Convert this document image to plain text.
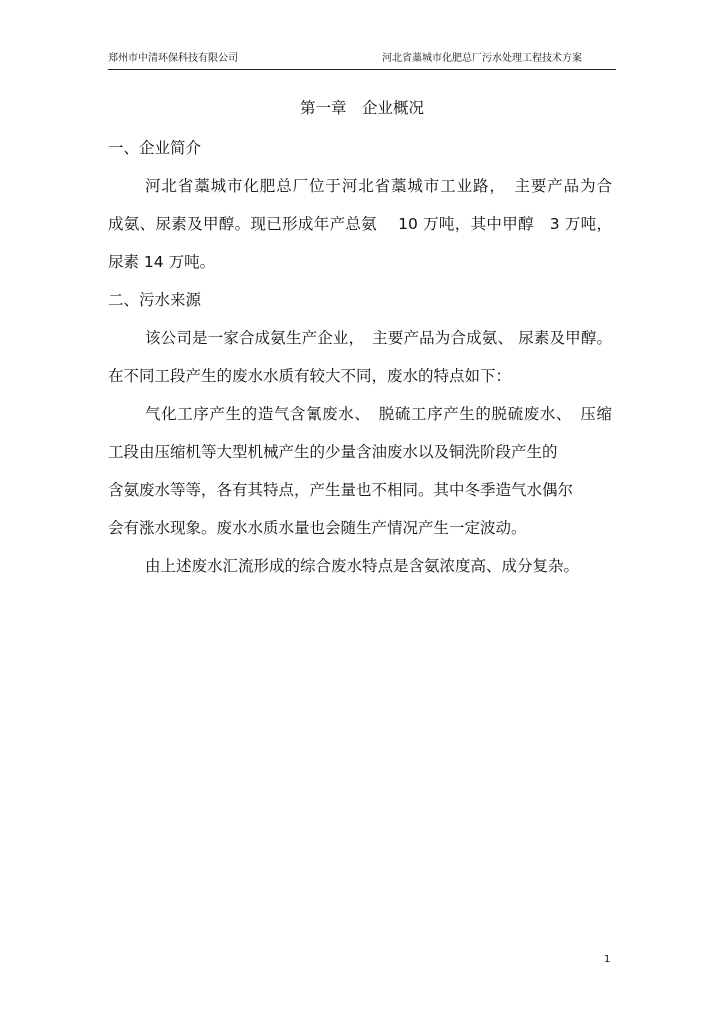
郑州市中清环保科技有限公司	河北省藁城市化肥总厂污水处理工程技术方案
第一章　企业概况
一、企业简介
河北省藁城市化肥总厂位于河北省藁城市工业路，　主要产品为合
成氨、尿素及甲醇。现已形成年产总氨　 10 万吨，其中甲醇　3 万吨，
尿素 14 万吨。
二、污水来源
该公司是一家合成氨生产企业，　主要产品为合成氨、 尿素及甲醇。
在不同工段产生的废水水质有较大不同，废水的特点如下：
气化工序产生的造气含氰废水、　脱硫工序产生的脱硫废水、　压缩
工段由压缩机等大型机械产生的少量含油废水以及铜洗阶段产生的
含氨废水等等，各有其特点，产生量也不相同。其中冬季造气水偶尔
会有涨水现象。废水水质水量也会随生产情况产生一定波动。
由上述废水汇流形成的综合废水特点是含氨浓度高、成分复杂。
1
